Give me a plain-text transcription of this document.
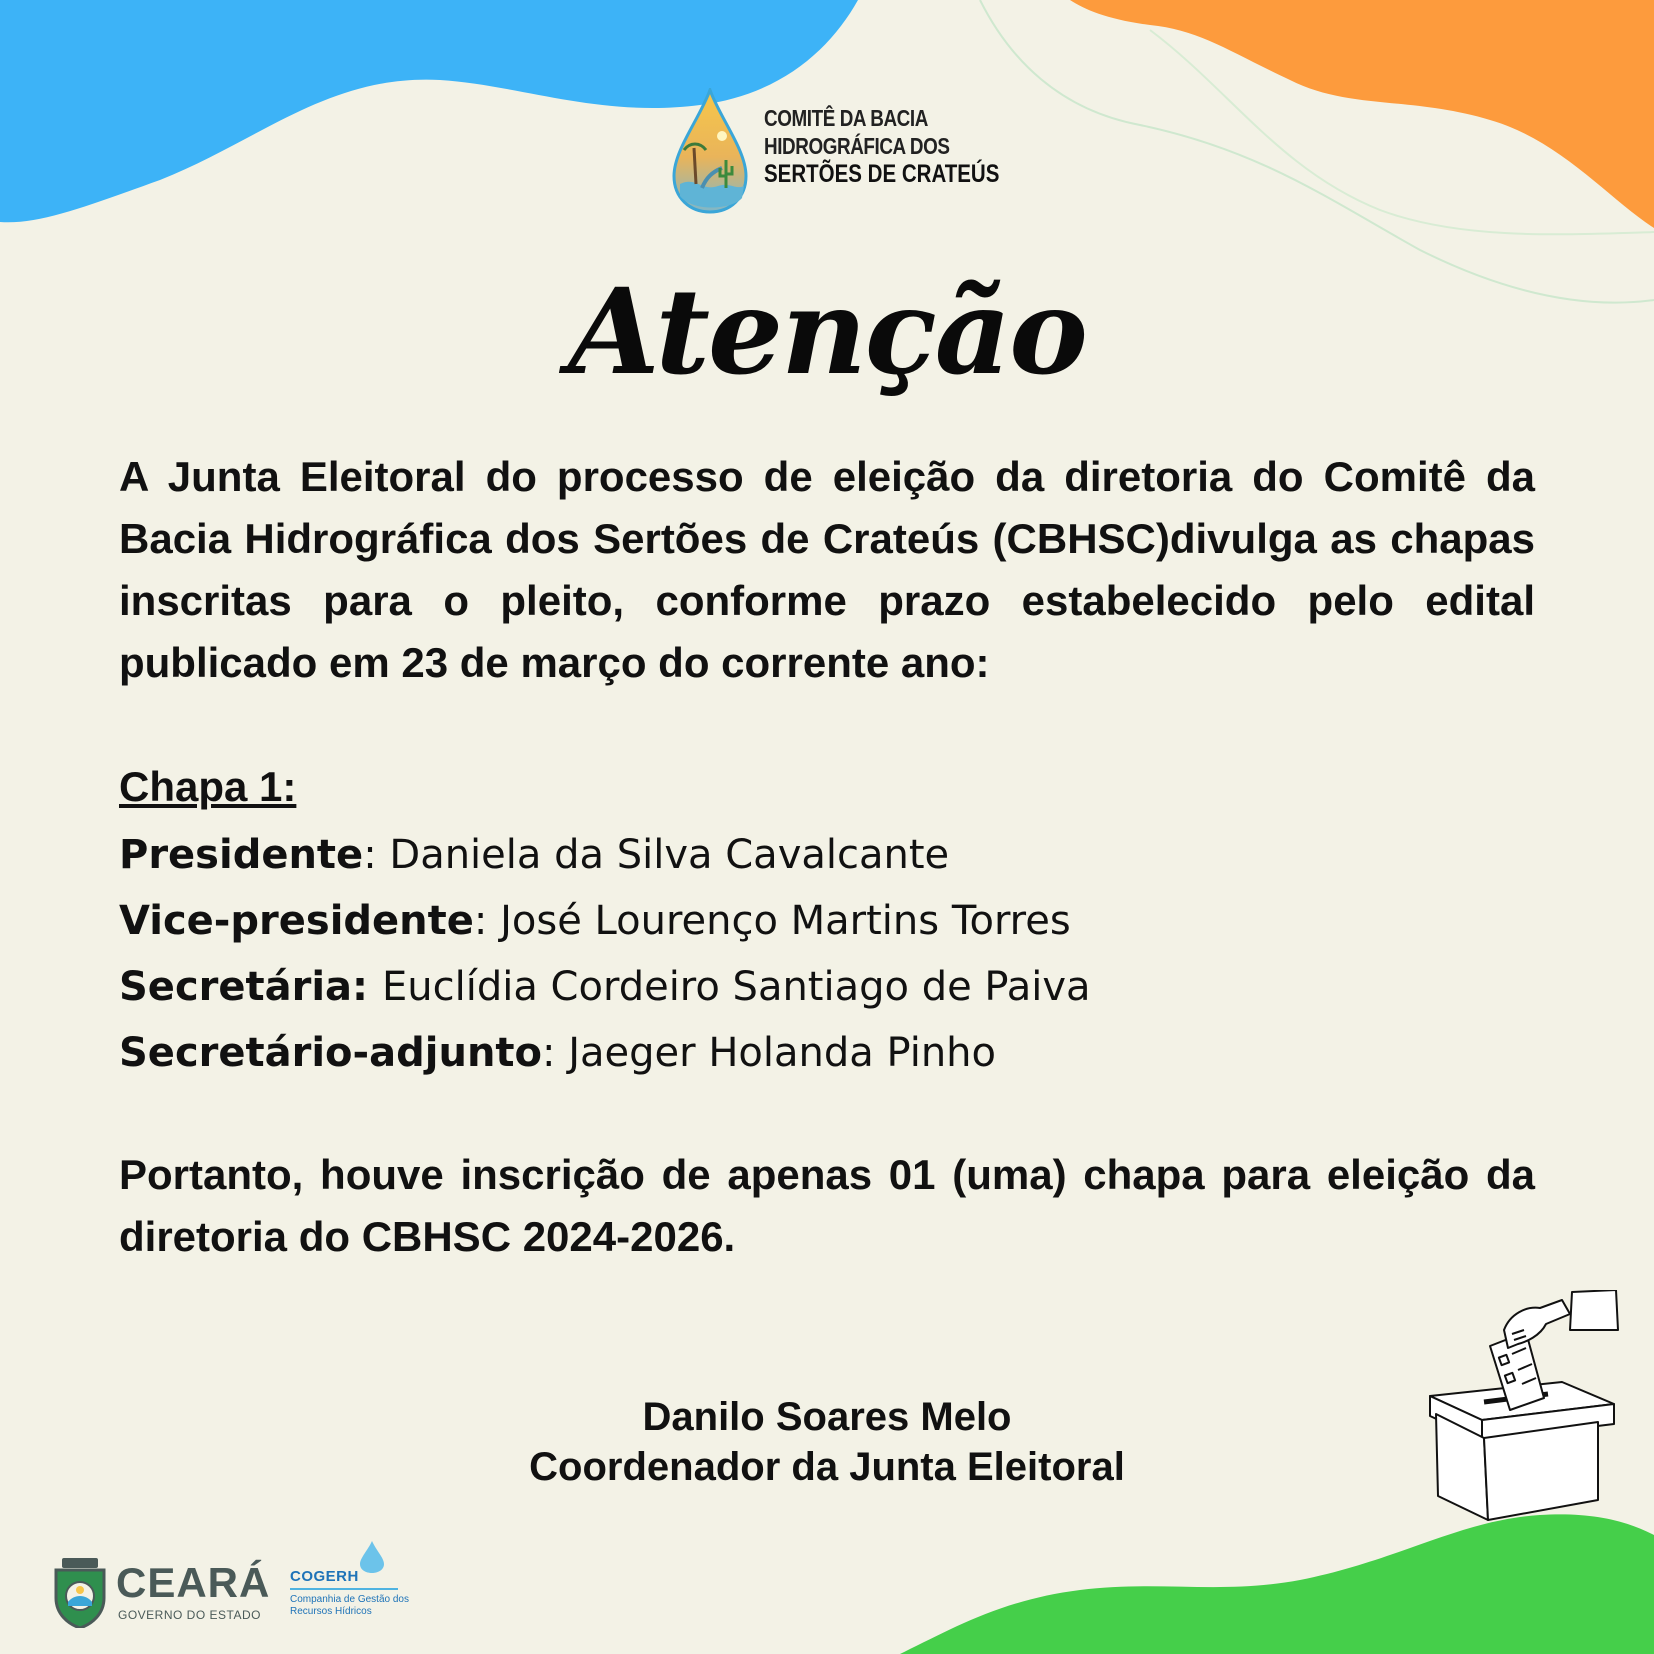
COMITÊ DA BACIA
HIDROGRÁFICA DOS
SERTÕES DE CRATEÚS
Atenção
A Junta Eleitoral do processo de eleição da diretoria do Comitê da Bacia Hidrográfica dos Sertões de Crateús (CBHSC)divulga as chapas inscritas para o pleito, conforme prazo estabelecido pelo edital publicado em 23 de março do corrente ano:
Chapa 1:
Presidente: Daniela da Silva Cavalcante
Vice-presidente: José Lourenço Martins Torres
Secretária: Euclídia Cordeiro Santiago de Paiva
Secretário-adjunto: Jaeger Holanda Pinho
Portanto, houve inscrição de apenas 01 (uma) chapa para eleição da diretoria do CBHSC 2024-2026.
Danilo Soares Melo
Coordenador da Junta Eleitoral
CEARÁ
GOVERNO DO ESTADO
COGERH
Companhia de Gestão dos Recursos Hídricos
